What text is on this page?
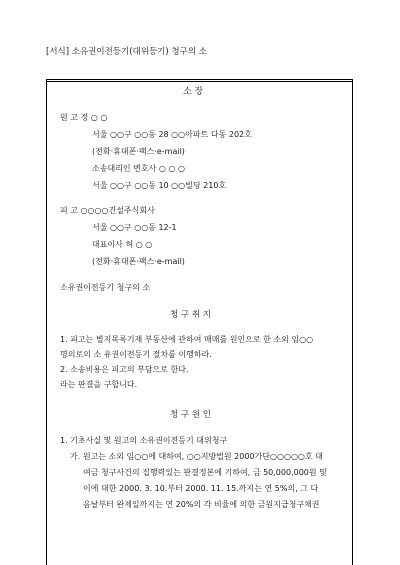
[서식] 소유권이전등기(대위등기) 청구의 소
소 장
원 고 정 ○ ○
서울 ○○구 ○○동 28 ○○아파트 다동 202호
(전화·휴대폰·팩스·e-mail)
소송대리인 변호사 ○ ○ ○
서울 ○○구 ○○동 10 ○○빌딩 210호
피 고 ○○○○건설주식회사
서울 ○○구 ○○동 12-1
대표이사 허 ○ ○
(전화·휴대폰·팩스·e-mail)
소유권이전등기 청구의 소
청 구 취 지
1. 피고는 별지목록기재 부동산에 관하여 매매를 원인으로 한 소외 임○○
명의로의 소 유권이전등기 절차를 이행하라.
2. 소송비용은 피고의 부담으로 한다.
라는 판결을 구합니다.
청 구 원 인
1. 기초사실 및 원고의 소유권이전등기 대위청구
가. 원고는 소외 임○○에 대하여, ○○지방법원 2000가단○○○○○호 대
여금 청구사건의 집행력있는 판결정본에 기하여, 금 50,000,000원 및
이에 대한 2000. 3. 10.부터 2000. 11. 15.까지는 연 5%의, 그 다
음날부터 완제일까지는 연 20%의 각 비율에 의한 금원지급청구채권
